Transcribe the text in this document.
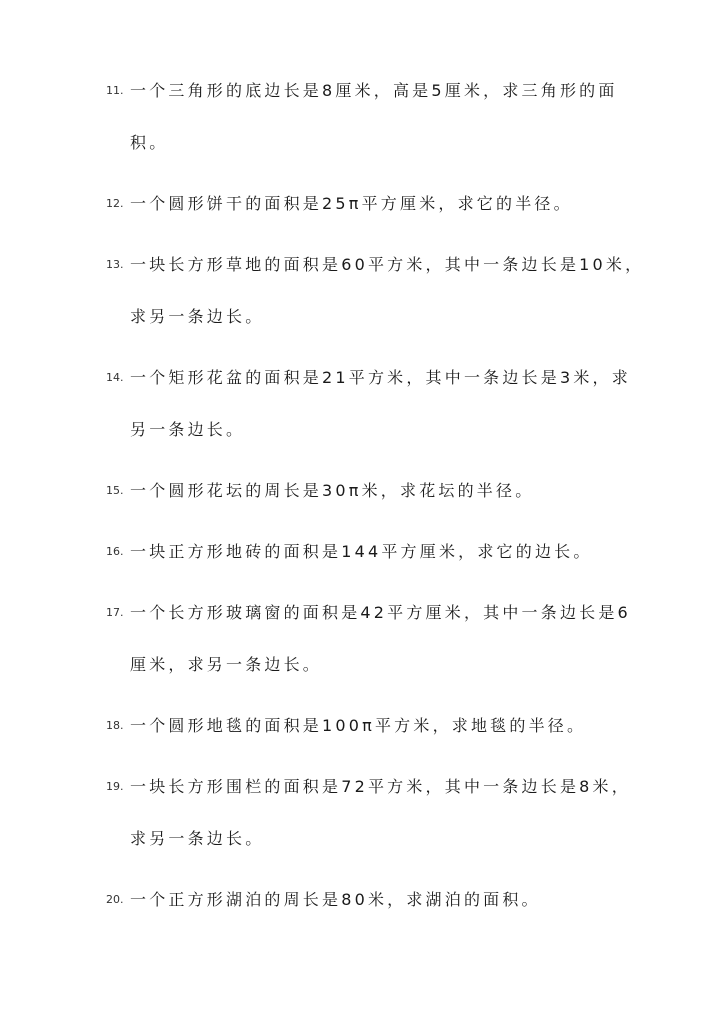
11. 一个三角形的底边长是8厘米，高是5厘米，求三角形的面积。
12. 一个圆形饼干的面积是25π平方厘米，求它的半径。
13. 一块长方形草地的面积是60平方米，其中一条边长是10米，求另一条边长。
14. 一个矩形花盆的面积是21平方米，其中一条边长是3米，求另一条边长。
15. 一个圆形花坛的周长是30π米，求花坛的半径。
16. 一块正方形地砖的面积是144平方厘米，求它的边长。
17. 一个长方形玻璃窗的面积是42平方厘米，其中一条边长是6厘米，求另一条边长。
18. 一个圆形地毯的面积是100π平方米，求地毯的半径。
19. 一块长方形围栏的面积是72平方米，其中一条边长是8米，求另一条边长。
20. 一个正方形湖泊的周长是80米，求湖泊的面积。
